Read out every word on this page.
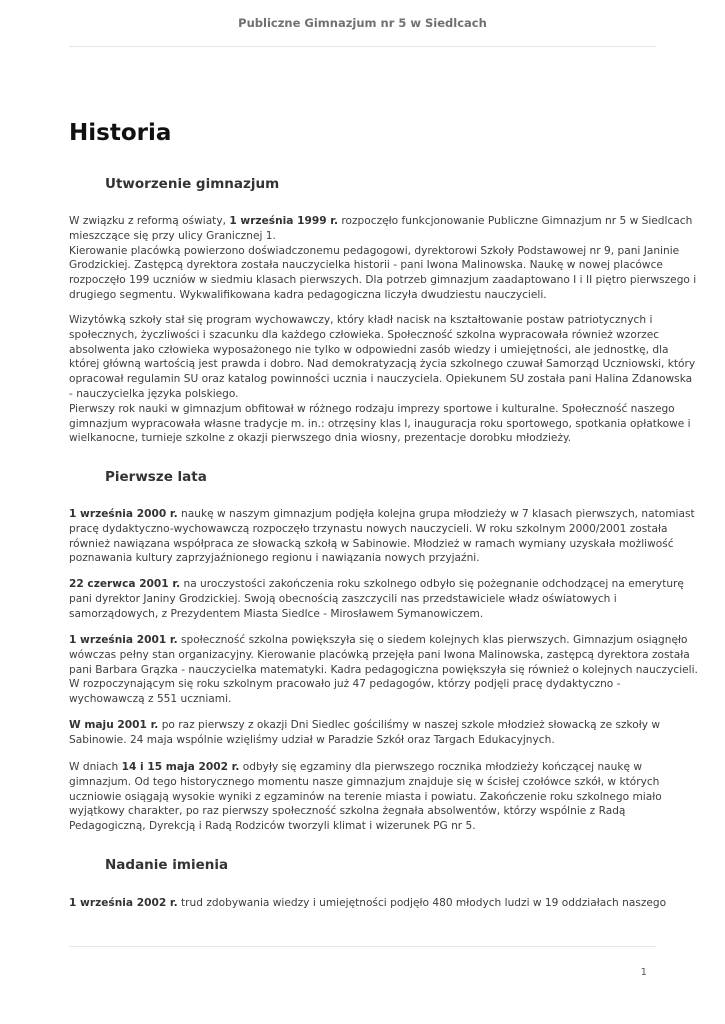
Publiczne Gimnazjum nr 5 w Siedlcach
Historia
Utworzenie gimnazjum

W związku z reformą oświaty, 1 września 1999 r. rozpoczęło funkcjonowanie Publiczne Gimnazjum nr 5 w Siedlcach
mieszczące się przy ulicy Granicznej 1.
Kierowanie placówką powierzono doświadczonemu pedagogowi, dyrektorowi Szkoły Podstawowej nr 9, pani Janinie
Grodzickiej. Zastępcą dyrektora została nauczycielka historii - pani Iwona Malinowska. Naukę w nowej placówce
rozpoczęło 199 uczniów w siedmiu klasach pierwszych. Dla potrzeb gimnazjum zaadaptowano I i II piętro pierwszego i
drugiego segmentu. Wykwalifikowana kadra pedagogiczna liczyła dwudziestu nauczycieli.

Wizytówką szkoły stał się program wychowawczy, który kładł nacisk na kształtowanie postaw patriotycznych i
społecznych, życzliwości i szacunku dla każdego człowieka. Społeczność szkolna wypracowała również wzorzec
absolwenta jako człowieka wyposażonego nie tylko w odpowiedni zasób wiedzy i umiejętności, ale jednostkę, dla
której główną wartością jest prawda i dobro. Nad demokratyzacją życia szkolnego czuwał Samorząd Uczniowski, który
opracował regulamin SU oraz katalog powinności ucznia i nauczyciela. Opiekunem SU została pani Halina Zdanowska
- nauczycielka języka polskiego.
Pierwszy rok nauki w gimnazjum obfitował w różnego rodzaju imprezy sportowe i kulturalne. Społeczność naszego
gimnazjum wypracowała własne tradycje m. in.: otrzęsiny klas I, inauguracja roku sportowego, spotkania opłatkowe i
wielkanocne, turnieje szkolne z okazji pierwszego dnia wiosny, prezentacje dorobku młodzieży.

Pierwsze lata

1 września 2000 r. naukę w naszym gimnazjum podjęła kolejna grupa młodzieży w 7 klasach pierwszych, natomiast
pracę dydaktyczno-wychowawczą rozpoczęło trzynastu nowych nauczycieli. W roku szkolnym 2000/2001 została
również nawiązana współpraca ze słowacką szkołą w Sabinowie. Młodzież w ramach wymiany uzyskała możliwość
poznawania kultury zaprzyjaźnionego regionu i nawiązania nowych przyjaźni.

22 czerwca 2001 r. na uroczystości zakończenia roku szkolnego odbyło się pożegnanie odchodzącej na emeryturę
pani dyrektor Janiny Grodzickiej. Swoją obecnością zaszczycili nas przedstawiciele władz oświatowych i
samorządowych, z Prezydentem Miasta Siedlce - Mirosławem Symanowiczem.

1 września 2001 r. społeczność szkolna powiększyła się o siedem kolejnych klas pierwszych. Gimnazjum osiągnęło
wówczas pełny stan organizacyjny. Kierowanie placówką przejęła pani Iwona Malinowska, zastępcą dyrektora została
pani Barbara Grązka - nauczycielka matematyki. Kadra pedagogiczna powiększyła się również o kolejnych nauczycieli.
W rozpoczynającym się roku szkolnym pracowało już 47 pedagogów, którzy podjęli pracę dydaktyczno -
wychowawczą z 551 uczniami.

W maju 2001 r. po raz pierwszy z okazji Dni Siedlec gościliśmy w naszej szkole młodzież słowacką ze szkoły w
Sabinowie. 24 maja wspólnie wzięliśmy udział w Paradzie Szkół oraz Targach Edukacyjnych.

W dniach 14 i 15 maja 2002 r. odbyły się egzaminy dla pierwszego rocznika młodzieży kończącej naukę w
gimnazjum. Od tego historycznego momentu nasze gimnazjum znajduje się w ścisłej czołówce szkół, w których
uczniowie osiągają wysokie wyniki z egzaminów na terenie miasta i powiatu. Zakończenie roku szkolnego miało
wyjątkowy charakter, po raz pierwszy społeczność szkolna żegnała absolwentów, którzy wspólnie z Radą
Pedagogiczną, Dyrekcją i Radą Rodziców tworzyli klimat i wizerunek PG nr 5.

Nadanie imienia

1 września 2002 r. trud zdobywania wiedzy i umiejętności podjęło 480 młodych ludzi w 19 oddziałach naszego

1
